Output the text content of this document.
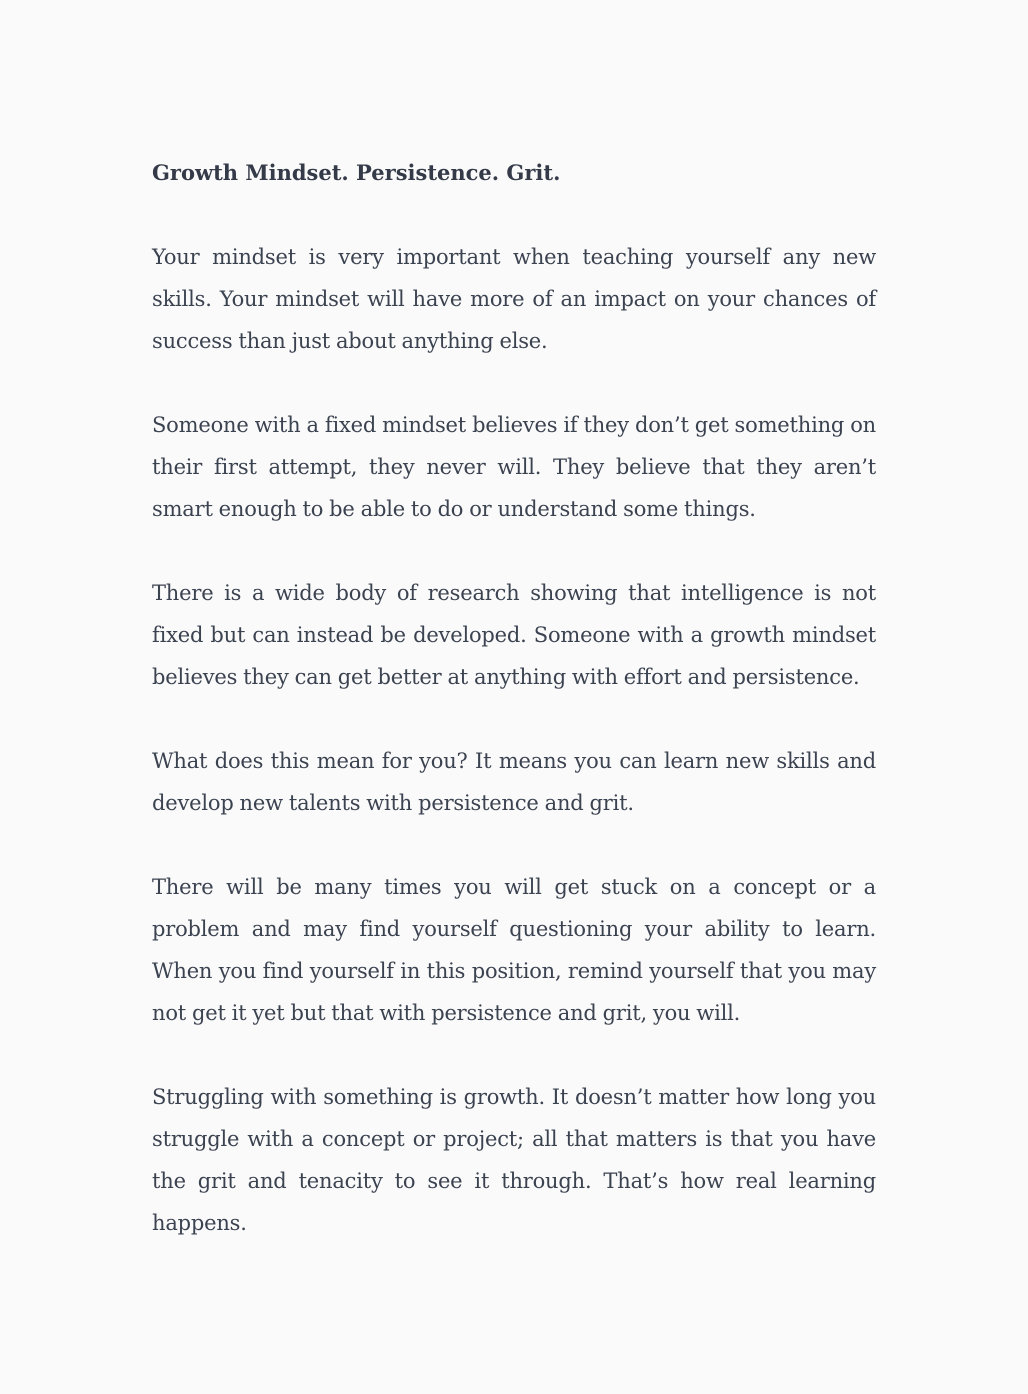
Growth Mindset. Persistence. Grit.

Your mindset is very important when teaching yourself any new skills. Your mindset will have more of an impact on your chances of success than just about anything else.

Someone with a fixed mindset believes if they don’t get something on their first attempt, they never will. They believe that they aren’t smart enough to be able to do or understand some things.

There is a wide body of research showing that intelligence is not fixed but can instead be developed. Someone with a growth mindset believes they can get better at anything with effort and persistence.

What does this mean for you? It means you can learn new skills and develop new talents with persistence and grit.

There will be many times you will get stuck on a concept or a problem and may find yourself questioning your ability to learn. When you find yourself in this position, remind yourself that you may not get it yet but that with persistence and grit, you will.

Struggling with something is growth. It doesn’t matter how long you struggle with a concept or project; all that matters is that you have the grit and tenacity to see it through. That’s how real learning happens.
